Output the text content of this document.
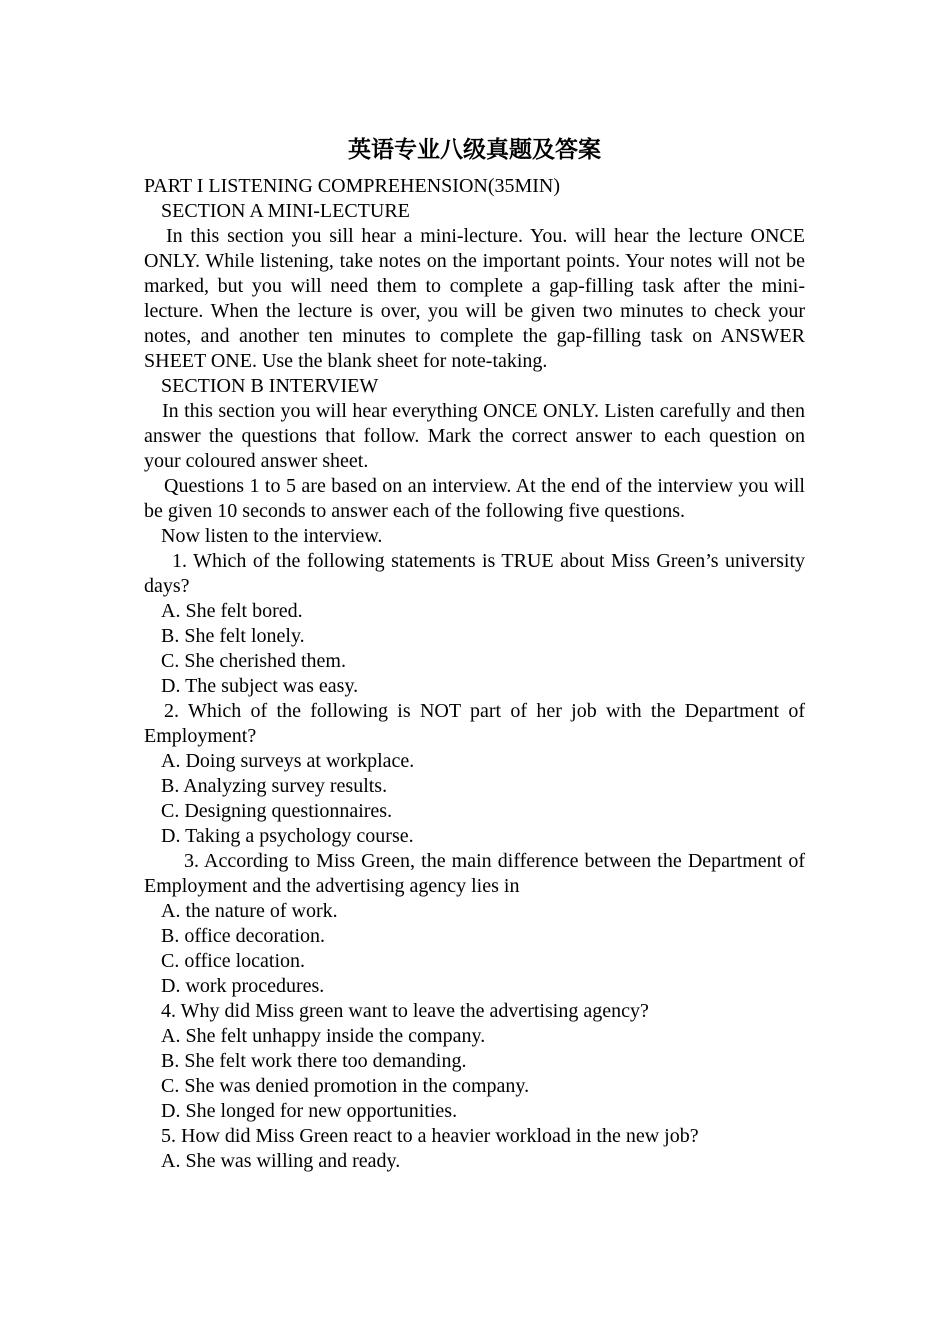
英语专业八级真题及答案

PART I LISTENING COMPREHENSION(35MIN)

SECTION A MINI-LECTURE

In this section you sill hear a mini-lecture. You. will hear the lecture ONCE ONLY. While listening, take notes on the important points. Your notes will not be marked, but you will need them to complete a gap-filling task after the mini-lecture. When the lecture is over, you will be given two minutes to check your notes, and another ten minutes to complete the gap-filling task on ANSWER SHEET ONE. Use the blank sheet for note-taking.

SECTION B INTERVIEW

In this section you will hear everything ONCE ONLY. Listen carefully and then answer the questions that follow. Mark the correct answer to each question on your coloured answer sheet.

Questions 1 to 5 are based on an interview. At the end of the interview you will be given 10 seconds to answer each of the following five questions.

Now listen to the interview.

1. Which of the following statements is TRUE about Miss Green’s university days?

A. She felt bored.

B. She felt lonely.

C. She cherished them.

D. The subject was easy.

2. Which of the following is NOT part of her job with the Department of Employment?

A. Doing surveys at workplace.

B. Analyzing survey results.

C. Designing questionnaires.

D. Taking a psychology course.

3. According to Miss Green, the main difference between the Department of Employment and the advertising agency lies in

A. the nature of work.

B. office decoration.

C. office location.

D. work procedures.

4. Why did Miss green want to leave the advertising agency?

A. She felt unhappy inside the company.

B. She felt work there too demanding.

C. She was denied promotion in the company.

D. She longed for new opportunities.

5. How did Miss Green react to a heavier workload in the new job?

A. She was willing and ready.
